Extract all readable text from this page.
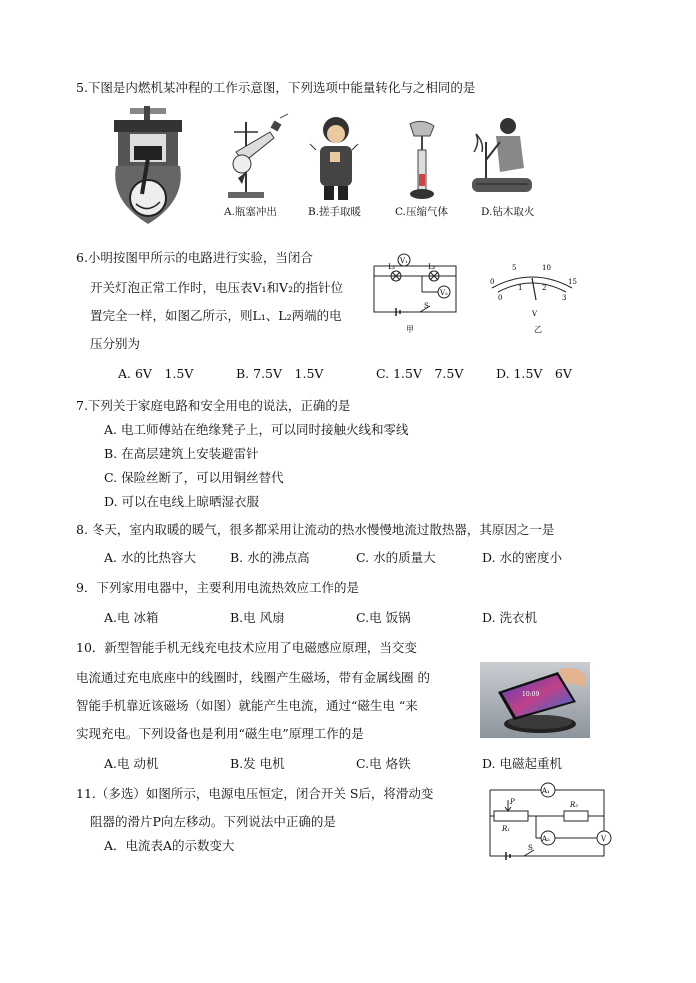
5.下图是内燃机某冲程的工作示意图，下列选项中能量转化与之相同的是
A.瓶塞冲出	B.搓手取暖	C.压缩气体	D.钻木取火
6.小明按图甲所示的电路进行实验，当闭合
开关灯泡正常工作时，电压表V₁和V₂的指针位
置完全一样，如图乙所示，则L₁、L₂两端的电
压分别为
V₁
L₁	L₂
V₂
S
甲
0
5	10
15
0
1	2
3
V
乙
A. 6V　1.5V	B. 7.5V　1.5V	C. 1.5V　7.5V	D. 1.5V　6V
7.下列关于家庭电路和安全用电的说法，正确的是
A. 电工师傅站在绝缘凳子上，可以同时接触火线和零线
B. 在高层建筑上安装避雷针
C. 保险丝断了，可以用铜丝替代
D. 可以在电线上晾晒湿衣服
8. 冬天，室内取暖的暖气，很多都采用让流动的热水慢慢地流过散热器，其原因之一是
A. 水的比热容大	B. 水的沸点高	C. 水的质量大	D. 水的密度小
9．下列家用电器中，主要利用电流热效应工作的是
A.电 冰箱	B.电 风扇	C.电 饭锅	D. 洗衣机
10．新型智能手机无线充电技术应用了电磁感应原理，当交变
电流通过充电底座中的线圈时，线圈产生磁场，带有金属线圈 的
智能手机靠近该磁场（如图）就能产生电流，通过“磁生电 “来
实现充电。下列设备也是利用“磁生电”原理工作的是
10:09
A.电 动机	B.发 电机	C.电 烙铁	D. 电磁起重机
11.（多选）如图所示，电源电压恒定，闭合开关 S后，将滑动变
阻器的滑片P向左移动。下列说法中正确的是
A．电流表A的示数变大
A₁
P
R₁
R₂
A₂	V
S
